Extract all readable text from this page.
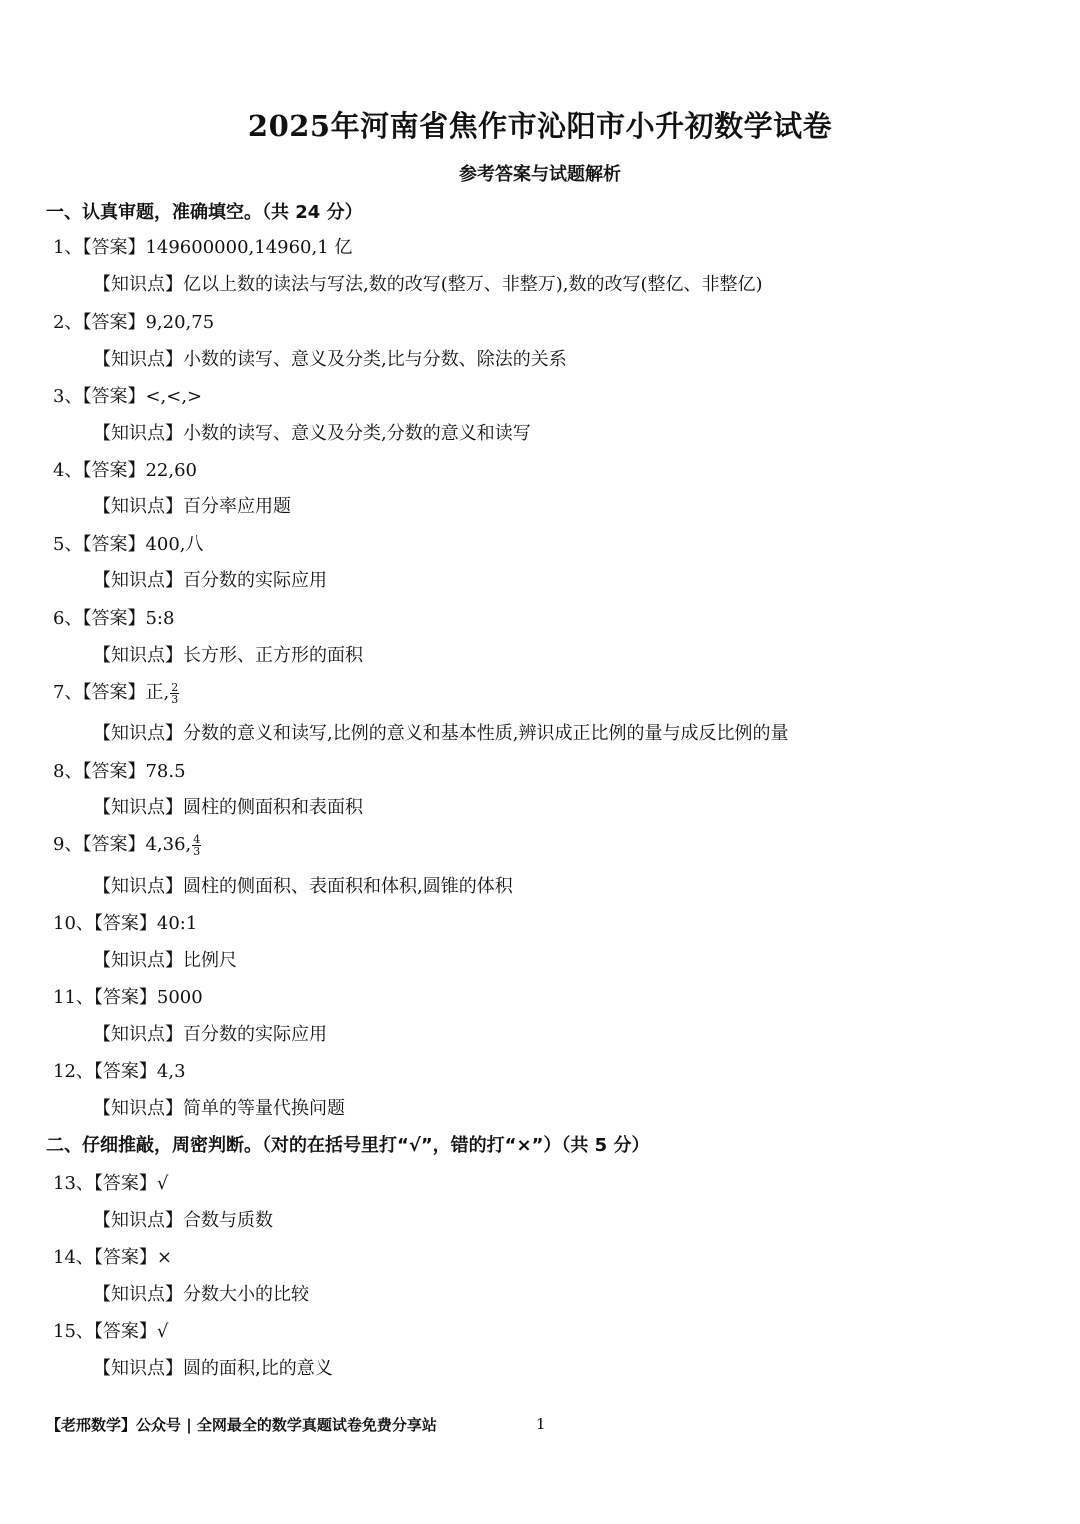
2025年河南省焦作市沁阳市小升初数学试卷
参考答案与试题解析
一、认真审题，准确填空。（共 24 分）
1、【答案】149600000,14960,1 亿
【知识点】亿以上数的读法与写法,数的改写(整万、非整万),数的改写(整亿、非整亿)
2、【答案】9,20,75
【知识点】小数的读写、意义及分类,比与分数、除法的关系
3、【答案】<,<,>
【知识点】小数的读写、意义及分类,分数的意义和读写
4、【答案】22,60
【知识点】百分率应用题
5、【答案】400,八
【知识点】百分数的实际应用
6、【答案】5:8
【知识点】长方形、正方形的面积
7、【答案】正, $\frac{2}{3}$
【知识点】分数的意义和读写,比例的意义和基本性质,辨识成正比例的量与成反比例的量
8、【答案】78.5
【知识点】圆柱的侧面积和表面积
9、【答案】4,36, $\frac{4}{3}$
【知识点】圆柱的侧面积、表面积和体积,圆锥的体积
10、【答案】40:1
【知识点】比例尺
11、【答案】5000
【知识点】百分数的实际应用
12、【答案】4,3
【知识点】简单的等量代换问题
二、仔细推敲，周密判断。（对的在括号里打“√”，错的打“×”）（共 5 分）
13、【答案】√
【知识点】合数与质数
14、【答案】×
【知识点】分数大小的比较
15、【答案】√
【知识点】圆的面积,比的意义
【老邢数学】公众号 | 全网最全的数学真题试卷免费分享站	1
